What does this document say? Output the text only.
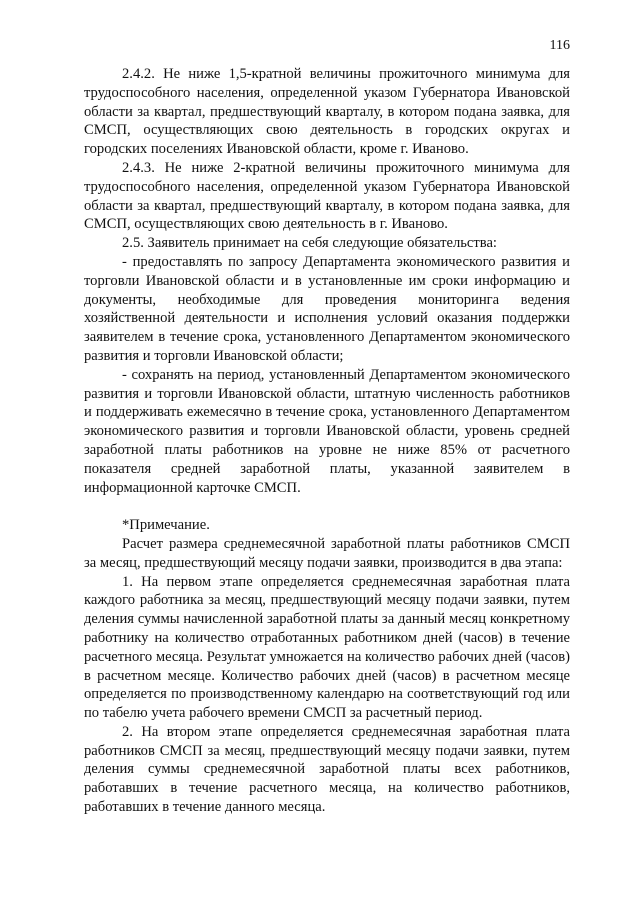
116

2.4.2. Не ниже 1,5-кратной величины прожиточного минимума для трудоспособного населения, определенной указом Губернатора Ивановской области за квартал, предшествующий кварталу, в котором подана заявка, для СМСП, осуществляющих свою деятельность в городских округах и городских поселениях Ивановской области, кроме г. Иваново.

2.4.3. Не ниже 2-кратной величины прожиточного минимума для трудоспособного населения, определенной указом Губернатора Ивановской области за квартал, предшествующий кварталу, в котором подана заявка, для СМСП, осуществляющих свою деятельность в г. Иваново.

2.5. Заявитель принимает на себя следующие обязательства:

- предоставлять по запросу Департамента экономического развития и торговли Ивановской области и в установленные им сроки информацию и документы, необходимые для проведения мониторинга ведения хозяйственной деятельности и исполнения условий оказания поддержки заявителем в течение срока, установленного Департаментом экономического развития и торговли Ивановской области;

- сохранять на период, установленный Департаментом экономического развития и торговли Ивановской области, штатную численность работников и поддерживать ежемесячно в течение срока, установленного Департаментом экономического развития и торговли Ивановской области, уровень средней заработной платы работников на уровне не ниже 85% от расчетного показателя средней заработной платы, указанной заявителем в информационной карточке СМСП.

*Примечание.

Расчет размера среднемесячной заработной платы работников СМСП за месяц, предшествующий месяцу подачи заявки, производится в два этапа:

1. На первом этапе определяется среднемесячная заработная плата каждого работника за месяц, предшествующий месяцу подачи заявки, путем деления суммы начисленной заработной платы за данный месяц конкретному работнику на количество отработанных работником дней (часов) в течение расчетного месяца. Результат умножается на количество рабочих дней (часов) в расчетном месяце. Количество рабочих дней (часов) в расчетном месяце определяется по производственному календарю на соответствующий год или по табелю учета рабочего времени СМСП за расчетный период.

2. На втором этапе определяется среднемесячная заработная плата работников СМСП за месяц, предшествующий месяцу подачи заявки, путем деления суммы среднемесячной заработной платы всех работников, работавших в течение расчетного месяца, на количество работников, работавших в течение данного месяца.
